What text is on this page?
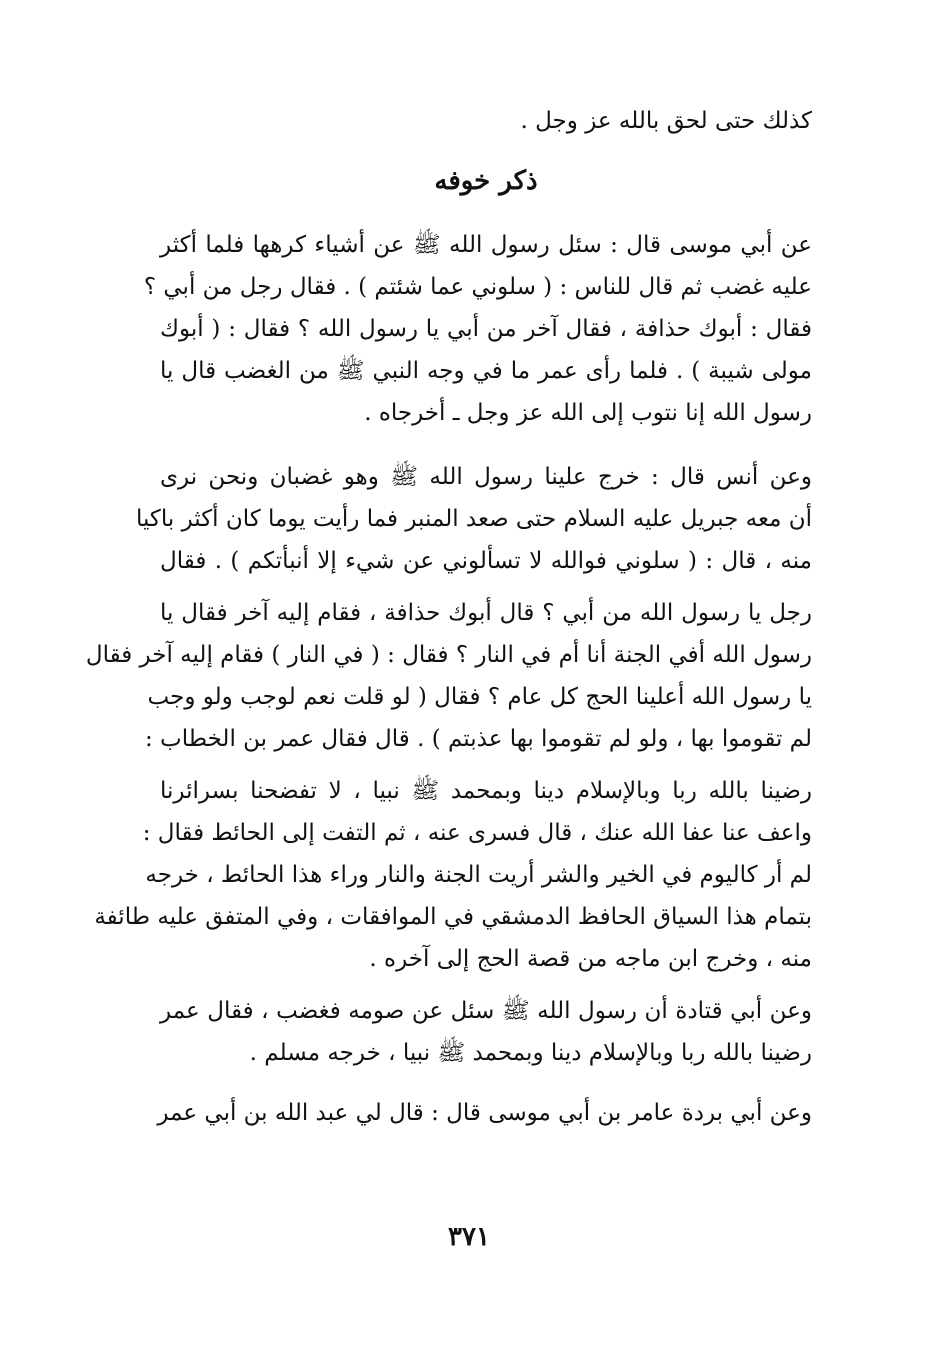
كذلك حتى لحق بالله عز وجل .
ذكر خوفه
عن أبي موسى قال : سئل رسول الله ﷺ عن أشياء كرهها فلما أكثر
عليه غضب ثم قال للناس : ( سلوني عما شئتم ) . فقال رجل من أبي ؟
فقال : أبوك حذافة ، فقال آخر من أبي يا رسول الله ؟ فقال : ( أبوك
مولى شيبة ) . فلما رأى عمر ما في وجه النبي ﷺ من الغضب قال يا
رسول الله إنا نتوب إلى الله عز وجل ـ أخرجاه .
وعن أنس قال : خرج علينا رسول الله ﷺ وهو غضبان ونحن نرى
أن معه جبريل عليه السلام حتى صعد المنبر فما رأيت يوما كان أكثر باكيا
منه ، قال : ( سلوني فوالله لا تسألوني عن شيء إلا أنبأتكم ) . فقال
رجل يا رسول الله من أبي ؟ قال أبوك حذافة ، فقام إليه آخر فقال يا
رسول الله أفي الجنة أنا أم في النار ؟ فقال : ( في النار ) فقام إليه آخر فقال
يا رسول الله أعلينا الحج كل عام ؟ فقال ( لو قلت نعم لوجب ولو وجب
لم تقوموا بها ، ولو لم تقوموا بها عذبتم ) . قال فقال عمر بن الخطاب :
رضينا بالله ربا وبالإسلام دينا وبمحمد ﷺ نبيا ، لا تفضحنا بسرائرنا
واعف عنا عفا الله عنك ، قال فسرى عنه ، ثم التفت إلى الحائط فقال :
لم أر كاليوم في الخير والشر أريت الجنة والنار وراء هذا الحائط ، خرجه
بتمام هذا السياق الحافظ الدمشقي في الموافقات ، وفي المتفق عليه طائفة
منه ، وخرج ابن ماجه من قصة الحج إلى آخره .
وعن أبي قتادة أن رسول الله ﷺ سئل عن صومه فغضب ، فقال عمر
رضينا بالله ربا وبالإسلام دينا وبمحمد ﷺ نبيا ، خرجه مسلم .
وعن أبي بردة عامر بن أبي موسى قال : قال لي عبد الله بن أبي عمر
٣٧١
